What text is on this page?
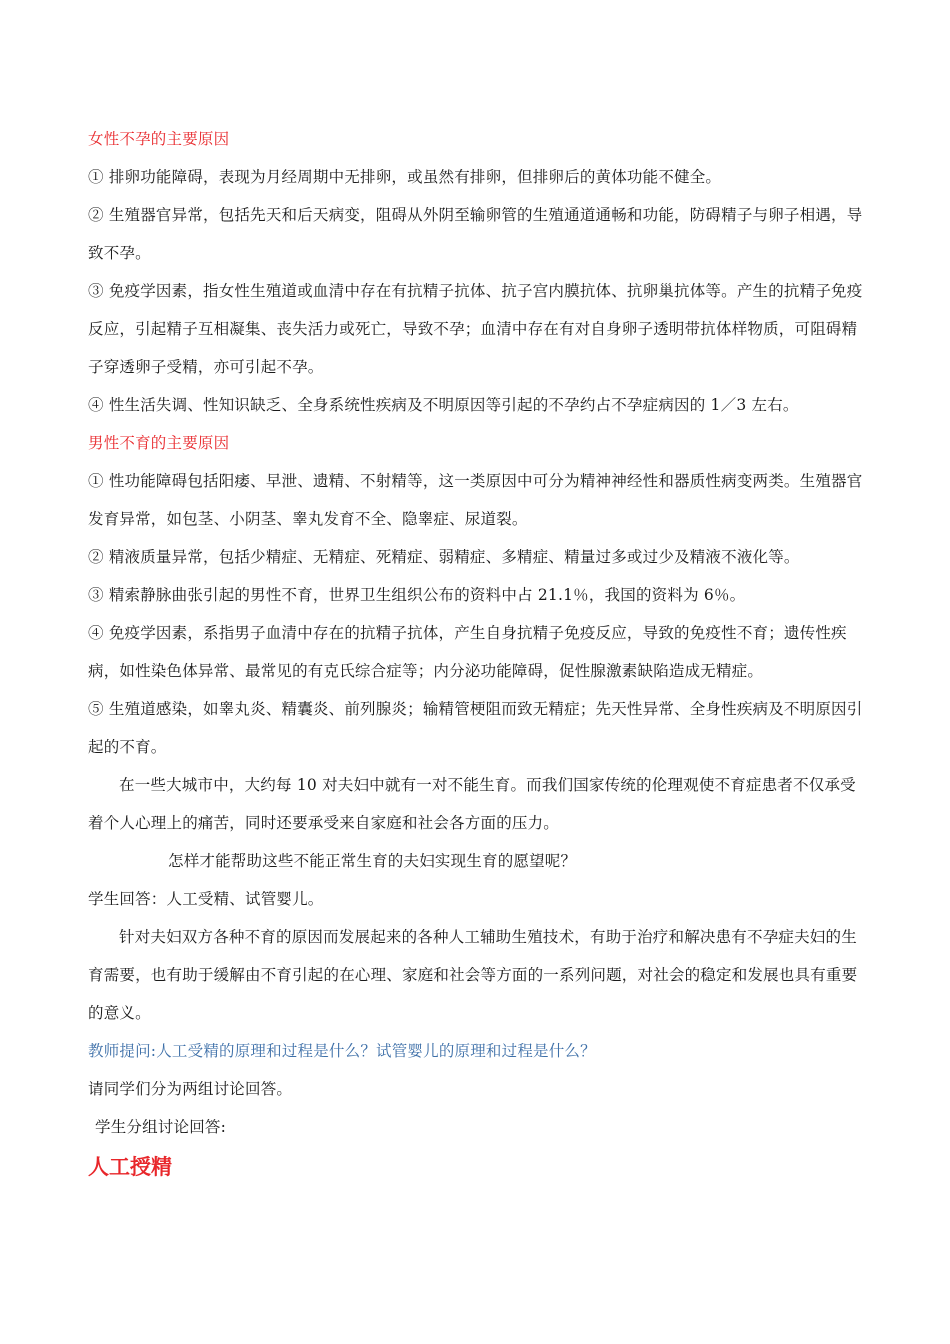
女性不孕的主要原因

① 排卵功能障碍，表现为月经周期中无排卵，或虽然有排卵，但排卵后的黄体功能不健全。

② 生殖器官异常，包括先天和后天病变，阻碍从外阴至输卵管的生殖通道通畅和功能，防碍精子与卵子相遇，导致不孕。

③ 免疫学因素，指女性生殖道或血清中存在有抗精子抗体、抗子宫内膜抗体、抗卵巢抗体等。产生的抗精子免疫反应，引起精子互相凝集、丧失活力或死亡，导致不孕；血清中存在有对自身卵子透明带抗体样物质，可阻碍精子穿透卵子受精，亦可引起不孕。

④ 性生活失调、性知识缺乏、全身系统性疾病及不明原因等引起的不孕约占不孕症病因的 1／3 左右。

男性不育的主要原因

① 性功能障碍包括阳痿、早泄、遗精、不射精等，这一类原因中可分为精神神经性和器质性病变两类。生殖器官发育异常，如包茎、小阴茎、睾丸发育不全、隐睾症、尿道裂。

② 精液质量异常，包括少精症、无精症、死精症、弱精症、多精症、精量过多或过少及精液不液化等。

③ 精索静脉曲张引起的男性不育，世界卫生组织公布的资料中占 21.1％，我国的资料为 6％。

④ 免疫学因素，系指男子血清中存在的抗精子抗体，产生自身抗精子免疫反应，导致的免疫性不育；遗传性疾病，如性染色体异常、最常见的有克氏综合症等；内分泌功能障碍，促性腺激素缺陷造成无精症。

⑤ 生殖道感染，如睾丸炎、精囊炎、前列腺炎；输精管梗阻而致无精症；先天性异常、全身性疾病及不明原因引起的不育。

在一些大城市中，大约每 10 对夫妇中就有一对不能生育。而我们国家传统的伦理观使不育症患者不仅承受着个人心理上的痛苦，同时还要承受来自家庭和社会各方面的压力。

怎样才能帮助这些不能正常生育的夫妇实现生育的愿望呢？

学生回答：人工受精、试管婴儿。

针对夫妇双方各种不育的原因而发展起来的各种人工辅助生殖技术，有助于治疗和解决患有不孕症夫妇的生育需要，也有助于缓解由不育引起的在心理、家庭和社会等方面的一系列问题，对社会的稳定和发展也具有重要的意义。

教师提问:人工受精的原理和过程是什么？试管婴儿的原理和过程是什么？

请同学们分为两组讨论回答。

学生分组讨论回答:

人工授精
